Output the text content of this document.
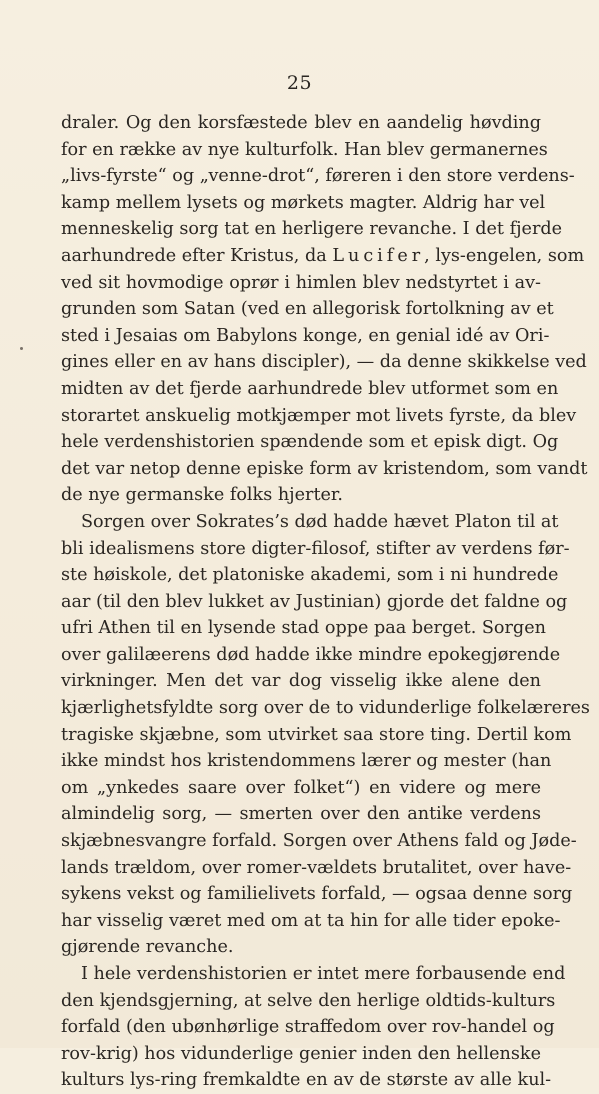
25
draler. Og den korsfæstede blev en aandelig høvding
for en række av nye kulturfolk. Han blev germanernes
„livs-fyrste“ og „venne-drot“, føreren i den store verdens-
kamp mellem lysets og mørkets magter. Aldrig har vel
menneskelig sorg tat en herligere revanche. I det fjerde
aarhundrede efter Kristus, da Lucifer, lys-engelen, som
ved sit hovmodige oprør i himlen blev nedstyrtet i av-
grunden som Satan (ved en allegorisk fortolkning av et
sted i Jesaias om Babylons konge, en genial idé av Ori-
gines eller en av hans discipler), — da denne skikkelse ved
midten av det fjerde aarhundrede blev utformet som en
storartet anskuelig motkjæmper mot livets fyrste, da blev
hele verdenshistorien spændende som et episk digt. Og
det var netop denne episke form av kristendom, som vandt
de nye germanske folks hjerter.
Sorgen over Sokrates’s død hadde hævet Platon til at
bli idealismens store digter-filosof, stifter av verdens før-
ste høiskole, det platoniske akademi, som i ni hundrede
aar (til den blev lukket av Justinian) gjorde det faldne og
ufri Athen til en lysende stad oppe paa berget. Sorgen
over galilæerens død hadde ikke mindre epokegjørende
virkninger. Men det var dog visselig ikke alene den
kjærlighetsfyldte sorg over de to vidunderlige folkelæreres
tragiske skjæbne, som utvirket saa store ting. Dertil kom
ikke mindst hos kristendommens lærer og mester (han
om „ynkedes saare over folket“) en videre og mere
almindelig sorg, — smerten over den antike verdens
skjæbnesvangre forfald. Sorgen over Athens fald og Jøde-
lands trældom, over romer-vældets brutalitet, over have-
sykens vekst og familielivets forfald, — ogsaa denne sorg
har visselig været med om at ta hin for alle tider epoke-
gjørende revanche.
I hele verdenshistorien er intet mere forbausende end
den kjendsgjerning, at selve den herlige oldtids-kulturs
forfald (den ubønhørlige straffedom over rov-handel og
rov-krig) hos vidunderlige genier inden den hellenske
kulturs lys-ring fremkaldte en av de største av alle kul-
